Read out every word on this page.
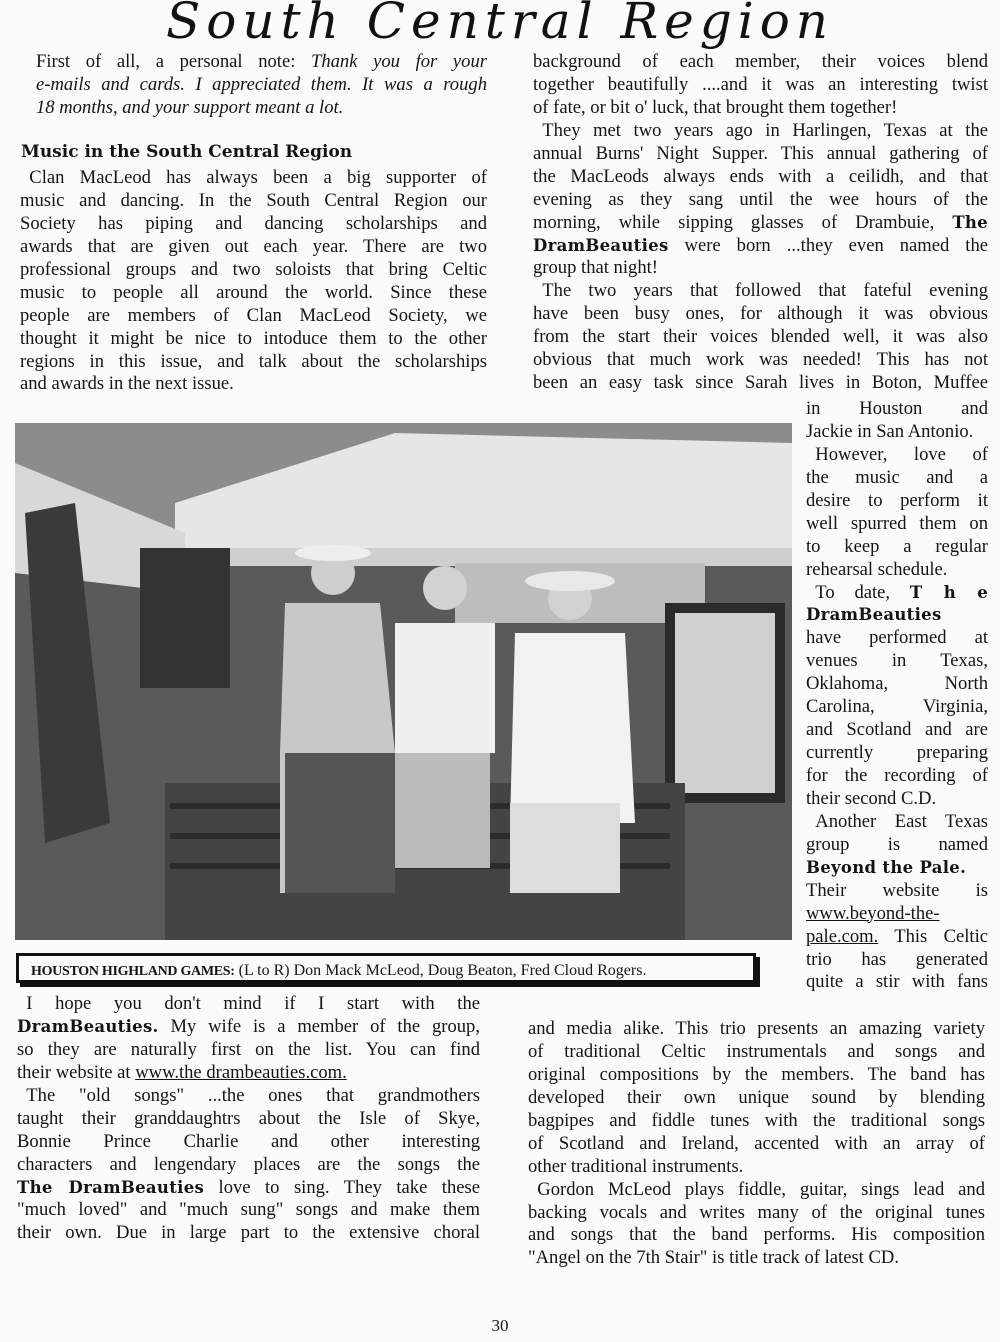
South Central Region
First of all, a personal note: Thank you for your
e-mails and cards. I appreciated them. It was a rough
18 months, and your support meant a lot.
Music in the South Central Region
 Clan MacLeod has always been a big supporter of
music and dancing. In the South Central Region our
Society has piping and dancing scholarships and
awards that are given out each year. There are two
professional groups and two soloists that bring Celtic
music to people all around the world. Since these
people are members of Clan MacLeod Society, we
thought it might be nice to intoduce them to the other
regions in this issue, and talk about the scholarships
and awards in the next issue.
background of each member, their voices blend
together beautifully ....and it was an interesting twist
of fate, or bit o' luck, that brought them together!
 They met two years ago in Harlingen, Texas at the
annual Burns' Night Supper. This annual gathering of
the MacLeods always ends with a ceilidh, and that
evening as they sang until the wee hours of the
morning, while sipping glasses of Drambuie, The
DramBeauties were born ...they even named the
group that night!
 The two years that followed that fateful evening
have been busy ones, for although it was obvious
from the start their voices blended well, it was also
obvious that much work was needed! This has not
been an easy task since Sarah lives in Boton, Muffee
in Houston and
Jackie in San Antonio.
 However, love of
the music and a
desire to perform it
well spurred them on
to keep a regular
rehearsal schedule.
 To date, T h e
DramBeauties
have performed at
venues in Texas,
Oklahoma, North
Carolina, Virginia,
and Scotland and are
currently preparing
for the recording of
their second C.D.
 Another East Texas
group is named
Beyond the Pale.
Their website is
www.beyond-the-
pale.com. This Celtic
trio has generated
quite a stir with fans
HOUSTON HIGHLAND GAMES: (L to R) Don Mack McLeod, Doug Beaton, Fred Cloud Rogers.
 I hope you don't mind if I start with the
DramBeauties. My wife is a member of the group,
so they are naturally first on the list. You can find
their website at www.the drambeauties.com.
 The "old songs" ...the ones that grandmothers
taught their granddaughtrs about the Isle of Skye,
Bonnie Prince Charlie and other interesting
characters and lengendary places are the songs the
The DramBeauties love to sing. They take these
"much loved" and "much sung" songs and make them
their own. Due in large part to the extensive choral
and media alike. This trio presents an amazing variety
of traditional Celtic instrumentals and songs and
original compositions by the members. The band has
developed their own unique sound by blending
bagpipes and fiddle tunes with the traditional songs
of Scotland and Ireland, accented with an array of
other traditional instruments.
 Gordon McLeod plays fiddle, guitar, sings lead and
backing vocals and writes many of the original tunes
and songs that the band performs. His composition
"Angel on the 7th Stair" is title track of latest CD.
30
